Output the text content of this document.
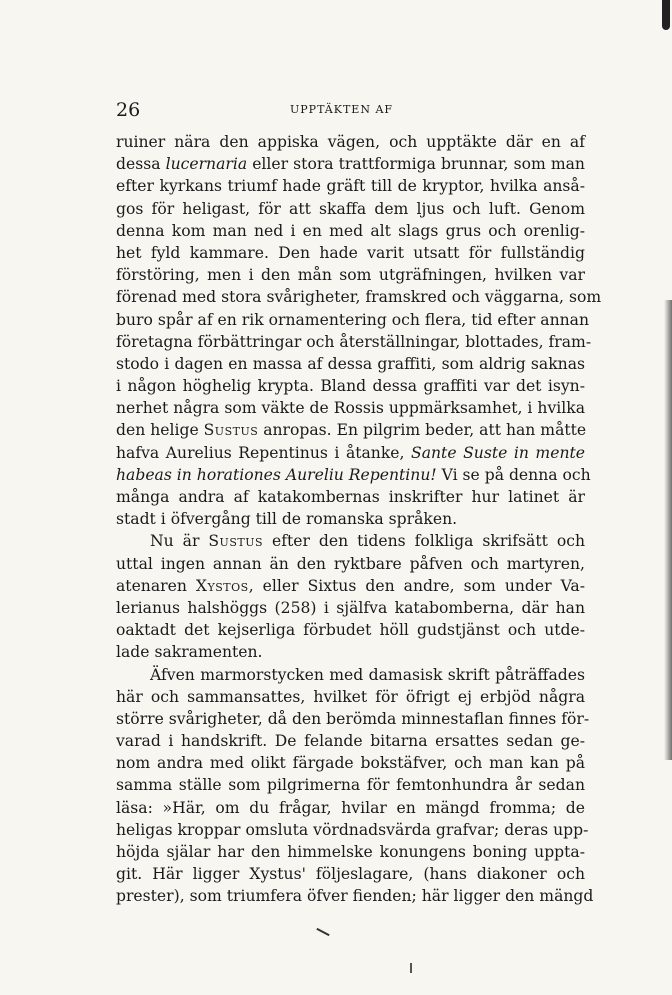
26	UPPTÄKTEN AF
ruiner nära den appiska vägen, och upptäkte där en af
dessa lucernaria eller stora trattformiga brunnar, som man
efter kyrkans triumf hade gräft till de kryptor, hvilka anså-
gos för heligast, för att skaffa dem ljus och luft. Genom
denna kom man ned i en med alt slags grus och orenlig-
het fyld kammare. Den hade varit utsatt för fullständig
förstöring, men i den mån som utgräfningen, hvilken var
förenad med stora svårigheter, framskred och väggarna, som
buro spår af en rik ornamentering och flera, tid efter annan
företagna förbättringar och återställningar, blottades, fram-
stodo i dagen en massa af dessa graffiti, som aldrig saknas
i någon höghelig krypta. Bland dessa graffiti var det isyn-
nerhet några som väkte de Rossis uppmärksamhet, i hvilka
den helige Sustus anropas. En pilgrim beder, att han måtte
hafva Aurelius Repentinus i åtanke, Sante Suste in mente
habeas in horationes Aureliu Repentinu! Vi se på denna och
många andra af katakombernas inskrifter hur latinet är
stadt i öfvergång till de romanska språken.
Nu är Sustus efter den tidens folkliga skrifsätt och
uttal ingen annan än den ryktbare påfven och martyren,
atenaren Xystos, eller Sixtus den andre, som under Va-
lerianus halshöggs (258) i själfva katabomberna, där han
oaktadt det kejserliga förbudet höll gudstjänst och utde-
lade sakramenten.
Äfven marmorstycken med damasisk skrift påträffades
här och sammansattes, hvilket för öfrigt ej erbjöd några
större svårigheter, då den berömda minnestaflan finnes för-
varad i handskrift. De felande bitarna ersattes sedan ge-
nom andra med olikt färgade bokstäfver, och man kan på
samma ställe som pilgrimerna för femtonhundra år sedan
läsa: »Här, om du frågar, hvilar en mängd fromma; de
heligas kroppar omsluta vördnadsvärda grafvar; deras upp-
höjda själar har den himmelske konungens boning uppta-
git. Här ligger Xystus' följeslagare, (hans diakoner och
prester), som triumfera öfver fienden; här ligger den mängd
